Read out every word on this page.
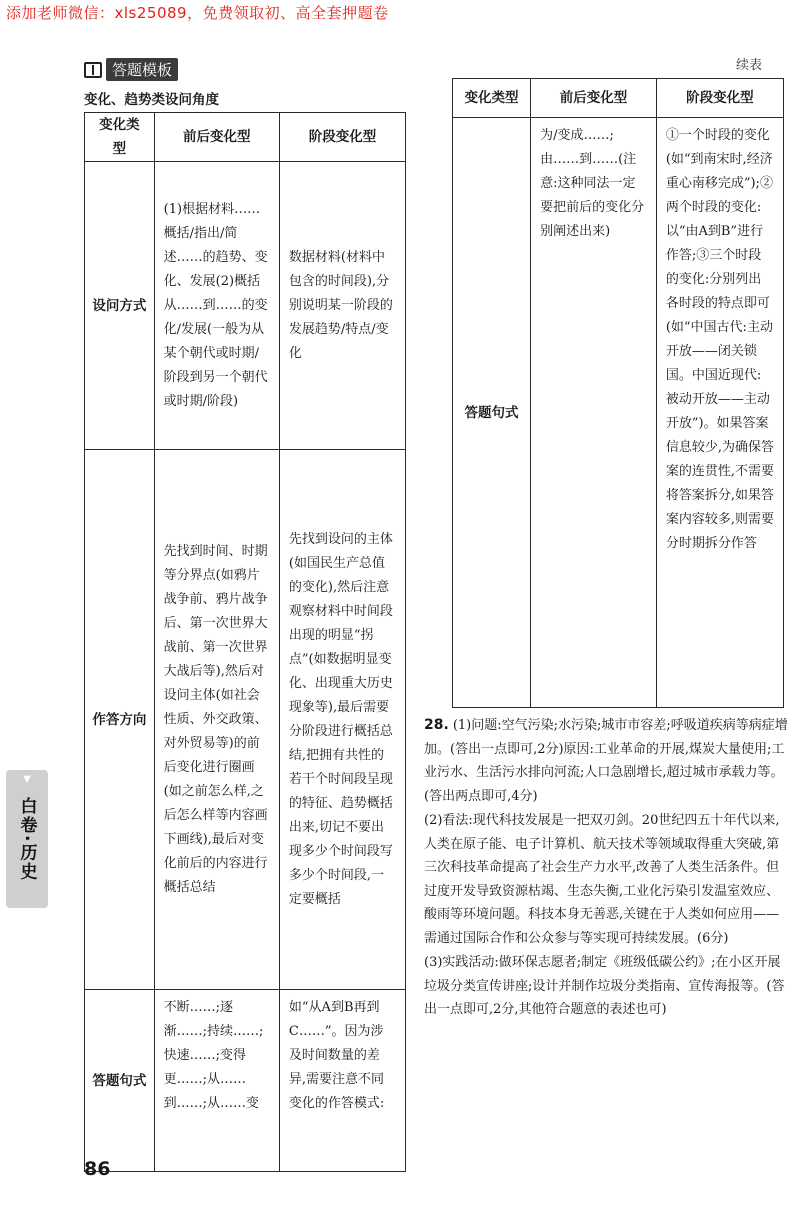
添加老师微信：xls25089，免费领取初、高全套押题卷
答题模板
变化、趋势类设问角度
续表
变化类型	前后变化型	阶段变化型
设问方式	(1)根据材料……概括/指出/简述……的趋势、变化、发展(2)概括从……到……的变化/发展(一般为从某个朝代或时期/阶段到另一个朝代或时期/阶段)	数据材料(材料中包含的时间段),分别说明某一阶段的发展趋势/特点/变化
作答方向	先找到时间、时期等分界点(如鸦片战争前、鸦片战争后、第一次世界大战前、第一次世界大战后等),然后对设问主体(如社会性质、外交政策、对外贸易等)的前后变化进行圈画(如之前怎么样,之后怎么样等内容画下画线),最后对变化前后的内容进行概括总结	先找到设问的主体(如国民生产总值的变化),然后注意观察材料中时间段出现的明显“拐点”(如数据明显变化、出现重大历史现象等),最后需要分阶段进行概括总结,把拥有共性的若干个时间段呈现的特征、趋势概括出来,切记不要出现多少个时间段写多少个时间段,一定要概括
答题句式	不断……;逐渐……;持续……;快速……;变得更……;从……到……;从……变	如“从A到B再到C……”。因为涉及时间数量的差异,需要注意不同变化的作答模式:
变化类型	前后变化型	阶段变化型
答题句式	为/变成……;由……到……(注意:这种同法一定要把前后的变化分别阐述出来)	①一个时段的变化(如“到南宋时,经济重心南移完成”);②两个时段的变化:以“由A到B”进行作答;③三个时段的变化:分别列出各时段的特点即可(如“中国古代:主动开放——闭关锁国。中国近现代:被动开放——主动开放”)。如果答案信息较少,为确保答案的连贯性,不需要将答案拆分,如果答案内容较多,则需要分时期拆分作答

28. (1)问题:空气污染;水污染;城市市容差;呼吸道疾病等病症增加。(答出一点即可,2分)原因:工业革命的开展,煤炭大量使用;工业污水、生活污水排向河流;人口急剧增长,超过城市承载力等。(答出两点即可,4分)

(2)看法:现代科技发展是一把双刃剑。20世纪四五十年代以来,人类在原子能、电子计算机、航天技术等领域取得重大突破,第三次科技革命提高了社会生产力水平,改善了人类生活条件。但过度开发导致资源枯竭、生态失衡,工业化污染引发温室效应、酸雨等环境问题。科技本身无善恶,关键在于人类如何应用——需通过国际合作和公众参与等实现可持续发展。(6分)

(3)实践活动:做环保志愿者;制定《班级低碳公约》;在小区开展垃圾分类宣传讲座;设计并制作垃圾分类指南、宣传海报等。(答出一点即可,2分,其他符合题意的表述也可)

▼
白卷·历史
86
